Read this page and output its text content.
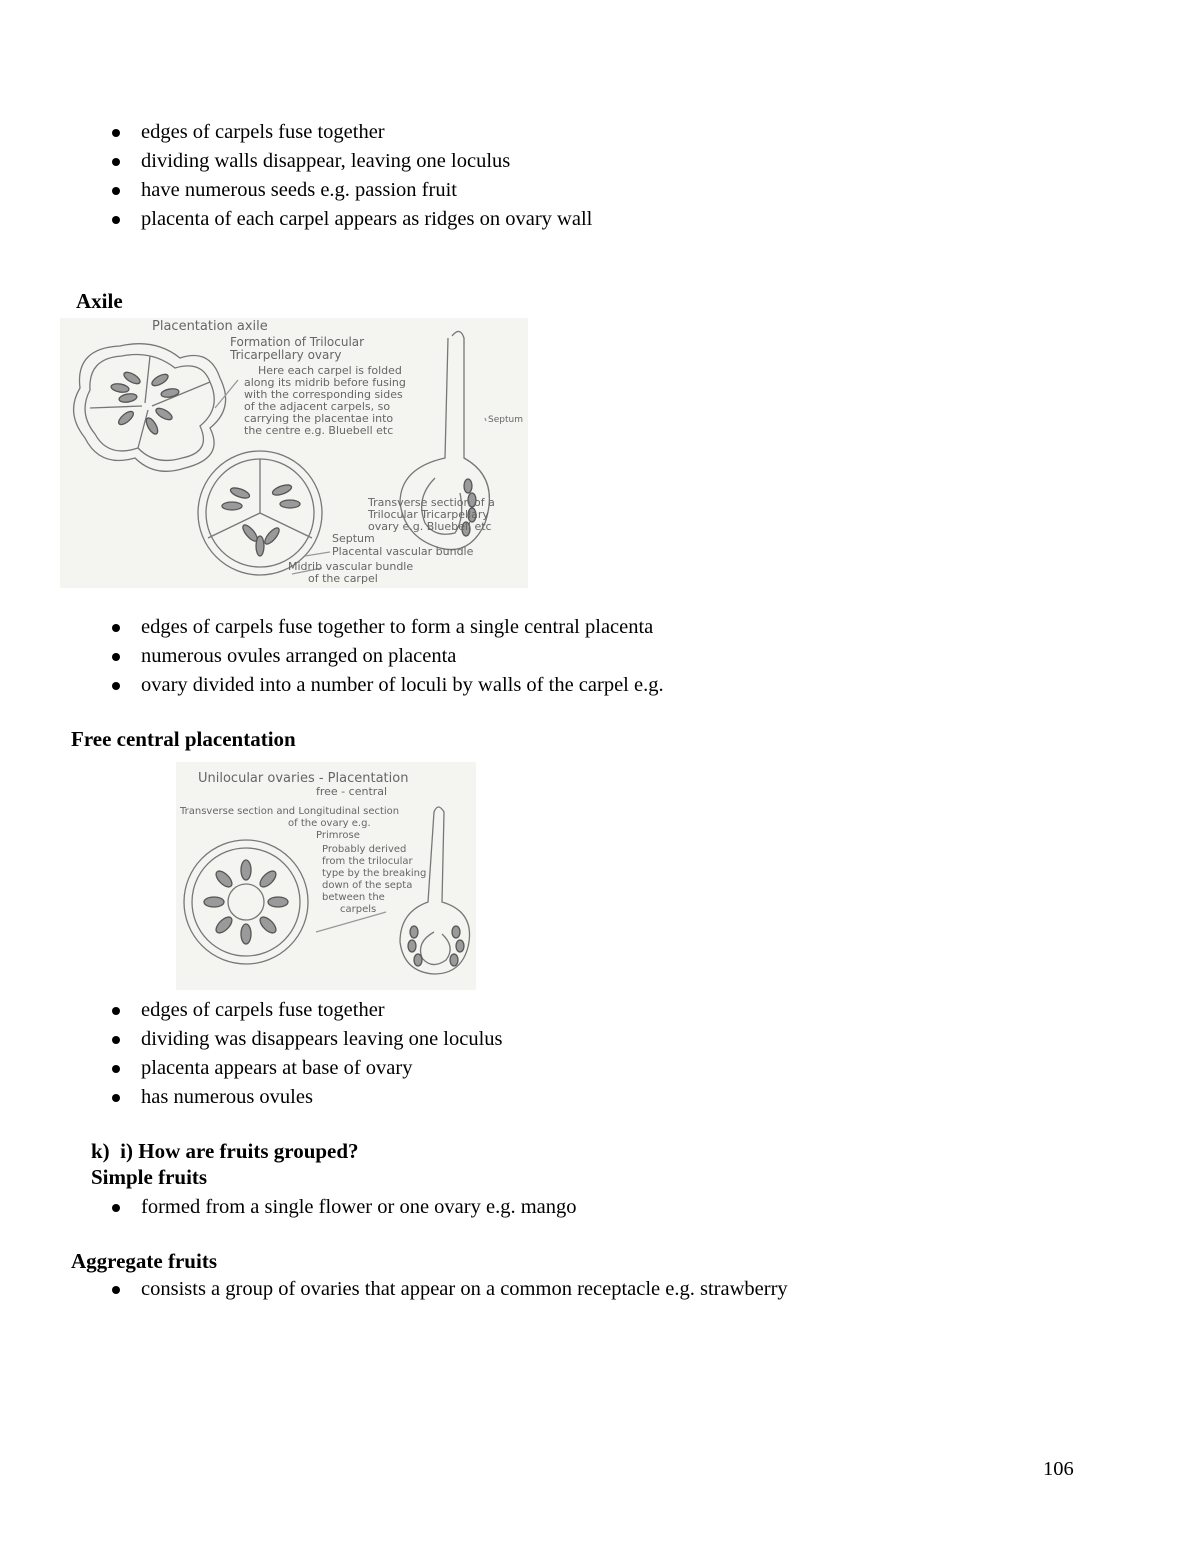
edges of carpels fuse together
dividing walls disappear, leaving one loculus
have numerous seeds e.g. passion fruit
placenta of each carpel appears as ridges on ovary wall
Axile
Placentation axile
Formation of Trilocular
Tricarpellary ovary
Here each carpel is folded
along its midrib before fusing
with the corresponding sides
of the adjacent carpels, so
carrying the placentae into
the centre e.g. Bluebell etc
Septum
Transverse section of a
Trilocular Tricarpellary
ovary e.g. Bluebell etc
Septum
Placental vascular bundle
Midrib vascular bundle
of the carpel
edges of carpels fuse together to form a single central placenta
numerous ovules arranged on placenta
ovary divided into a number of loculi by walls of the carpel e.g.
Free central placentation
Unilocular ovaries - Placentation
free - central
Transverse section and Longitudinal section
of the ovary e.g.
Primrose
Probably derived
from the trilocular
type by the breaking
down of the septa
between the
carpels
edges of carpels fuse together
dividing was disappears leaving one loculus
placenta appears at base of ovary
has numerous ovules
k)  i) How are fruits grouped?
Simple fruits
formed from a single flower or one ovary e.g. mango
Aggregate fruits
consists a group of ovaries that appear on a common receptacle e.g. strawberry
106
